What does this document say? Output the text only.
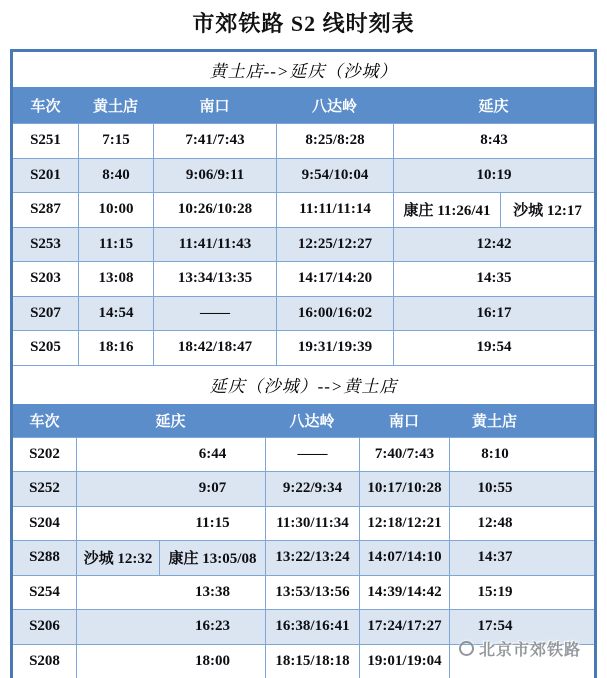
市郊铁路 S2 线时刻表
黄土店-->延庆（沙城）
车次	黄土店	南口	八达岭	延庆
S251	7:15	7:41/7:43	8:25/8:28	8:43
S201	8:40	9:06/9:11	9:54/10:04	10:19
S287	10:00	10:26/10:28	11:11/11:14	康庄 11:26/41	沙城 12:17
S253	11:15	11:41/11:43	12:25/12:27	12:42
S203	13:08	13:34/13:35	14:17/14:20	14:35
S207	14:54	——	16:00/16:02	16:17
S205	18:16	18:42/18:47	19:31/19:39	19:54
延庆（沙城）-->黄土店
车次	延庆	八达岭	南口	黄土店
S202	6:44	——	7:40/7:43	8:10
S252	9:07	9:22/9:34	10:17/10:28	10:55
S204	11:15	11:30/11:34	12:18/12:21	12:48
S288	沙城 12:32	康庄 13:05/08	13:22/13:24	14:07/14:10	14:37
S254	13:38	13:53/13:56	14:39/14:42	15:19
S206	16:23	16:38/16:41	17:24/17:27	17:54
S208	18:00	18:15/18:18	19:01/19:04
北京市郊铁路
